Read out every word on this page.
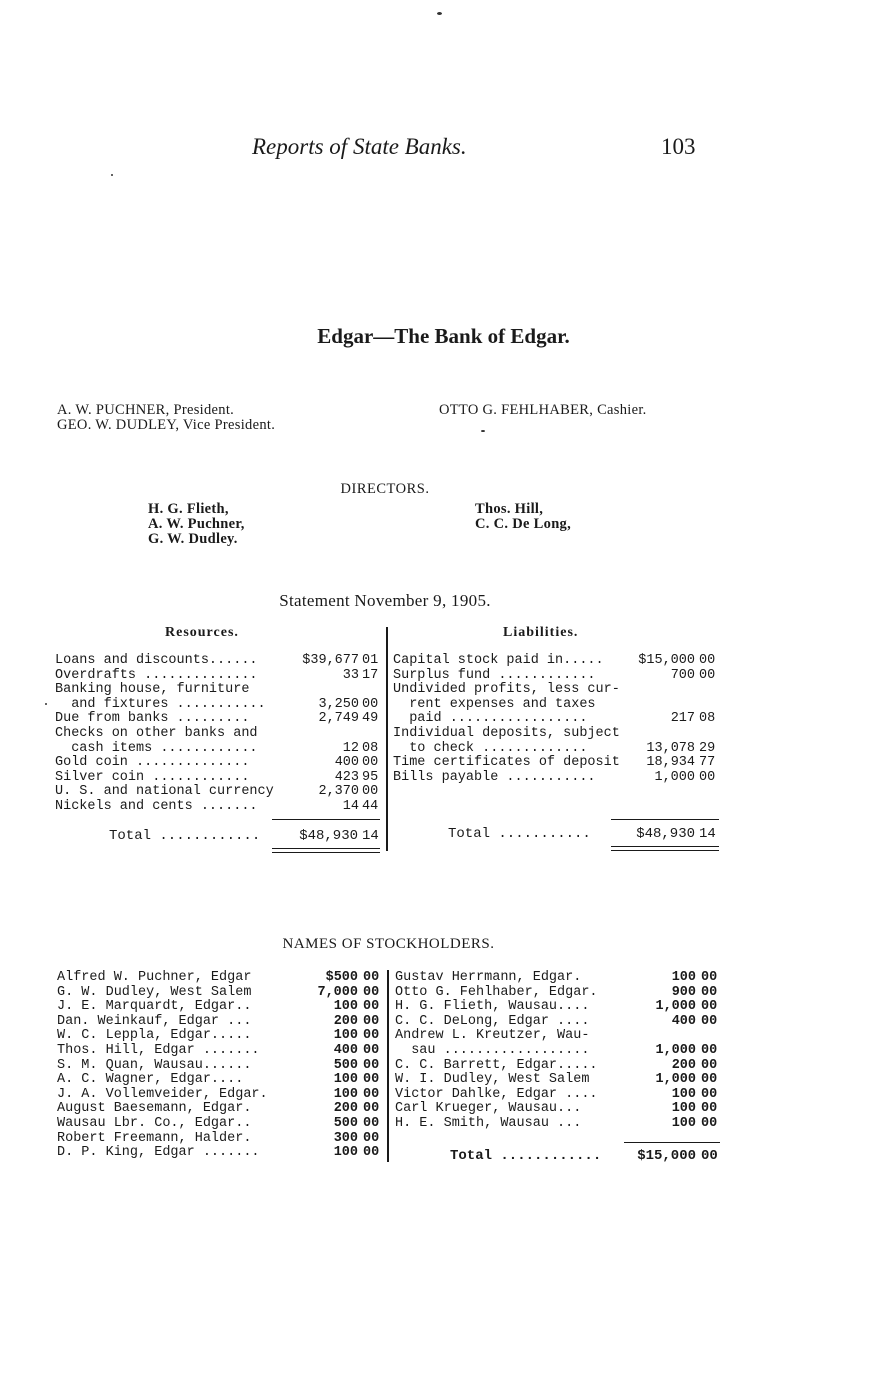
Reports of State Banks.	103
Edgar—The Bank of Edgar.
A. W. PUCHNER, President.
GEO. W. DUDLEY, Vice President.
OTTO G. FEHLHABER, Cashier.
DIRECTORS.
H. G. Flieth,
A. W. Puchner,
G. W. Dudley.
Thos. Hill,
C. C. De Long,
Statement November 9, 1905.
Resources.	Liabilities.
Loans and discounts......	$39,677 01
Overdrafts ..............	33 17
Banking house, furniture
and fixtures ...........	3,250 00
Due from banks .........	2,749 49
Checks on other banks and
cash items ............	12 08
Gold coin ..............	400 00
Silver coin ............	423 95
U. S. and national currency	2,370 00
Nickels and cents .......	14 44
Capital stock paid in.....	$15,000 00
Surplus fund ............	700 00
Undivided profits, less cur-
rent expenses and taxes
paid .................	217 08
Individual deposits, subject
to check .............	13,078 29
Time certificates of deposit	18,934 77
Bills payable ...........	1,000 00
Total ............	$48,930 14	Total ...........	$48,930 14
NAMES OF STOCKHOLDERS.
Alfred W. Puchner, Edgar	$500 00
G. W. Dudley, West Salem	7,000 00
J. E. Marquardt, Edgar..	100 00
Dan. Weinkauf, Edgar ...	200 00
W. C. Leppla, Edgar.....	100 00
Thos. Hill, Edgar .......	400 00
S. M. Quan, Wausau......	500 00
A. C. Wagner, Edgar....	100 00
J. A. Vollemveider, Edgar.	100 00
August Baesemann, Edgar.	200 00
Wausau Lbr. Co., Edgar..	500 00
Robert Freemann, Halder.	300 00
D. P. King, Edgar .......	100 00
Gustav Herrmann, Edgar.	100 00
Otto G. Fehlhaber, Edgar.	900 00
H. G. Flieth, Wausau....	1,000 00
C. C. DeLong, Edgar ....	400 00
Andrew L. Kreutzer, Wau-
sau ..................	1,000 00
C. C. Barrett, Edgar.....	200 00
W. I. Dudley, West Salem	1,000 00
Victor Dahlke, Edgar ....	100 00
Carl Krueger, Wausau...	100 00
H. E. Smith, Wausau ...	100 00
Total ............	$15,000 00
